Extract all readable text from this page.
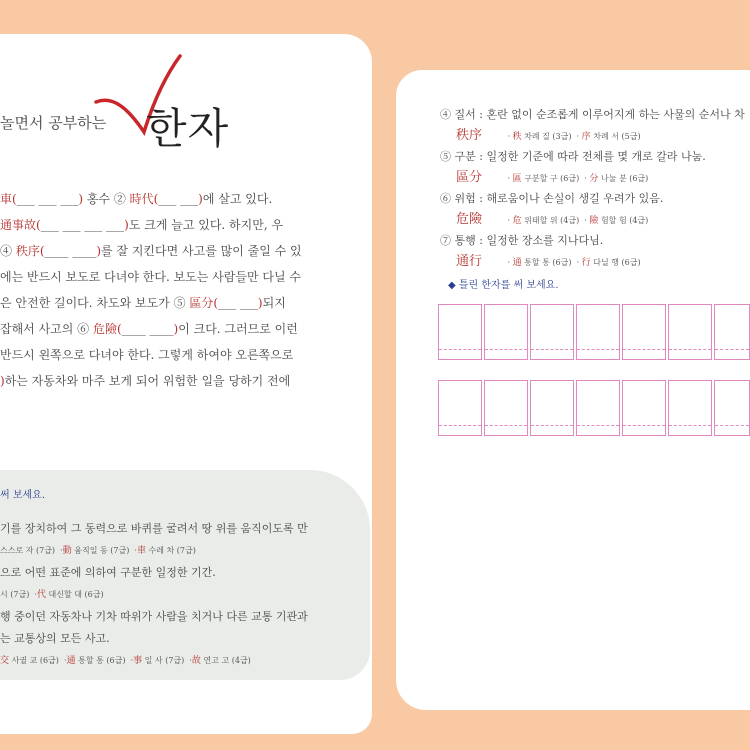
놀면서 공부하는 한자
車(___ ___ ___) 홍수 ② 時代(___ ___)에 살고 있다.
通事故(___ ___ ___ ___)도 크게 늘고 있다. 하지만, 우
④ 秩序(____ ____)를 잘 지킨다면 사고를 많이 줄일 수 있
에는 반드시 보도로 다녀야 한다. 보도는 사람들만 다닐 수
은 안전한 길이다. 차도와 보도가 ⑤ 區分(___ ___)되지
잡해서 사고의 ⑥ 危險(____ ____)이 크다. 그러므로 이런
반드시 왼쪽으로 다녀야 한다. 그렇게 하여야 오른쪽으로
)하는 자동차와 마주 보게 되어 위험한 일을 당하기 전에
써 보세요.
기를 장치하여 그 동력으로 바퀴를 굴려서 땅 위를 움직이도록 만
스스로 자 (7급)  ·動 움직일 동 (7급)  ·車 수레 차 (7급)
으로 어떤 표준에 의하여 구분한 일정한 기간.
시 (7급)  ·代 대신할 대 (6급)
행 중이던 자동차나 기차 따위가 사람을 치거나 다른 교통 기관과
는 교통상의 모든 사고.
交 사귈 교 (6급)  ·通 통할 통 (6급)  ·事 일 사 (7급)  ·故 연고 고 (4급)
④ 질서 : 혼란 없이 순조롭게 이루어지게 하는 사물의 순서나 차
秩序	· 秩 차례 질 (3급)  · 序 차례 서 (5급)
⑤ 구분 : 일정한 기준에 따라 전체를 몇 개로 갈라 나눔.
區分	· 區 구분할 구 (6급)  · 分 나눌 분 (6급)
⑥ 위험 : 해로움이나 손실이 생길 우려가 있음.
危險	· 危 위태할 위 (4급)  · 險 험할 험 (4급)
⑦ 통행 : 일정한 장소를 지나다님.
通行	· 通 통할 통 (6급)  · 行 다닐 행 (6급)
◆ 틀린 한자를 써 보세요.
